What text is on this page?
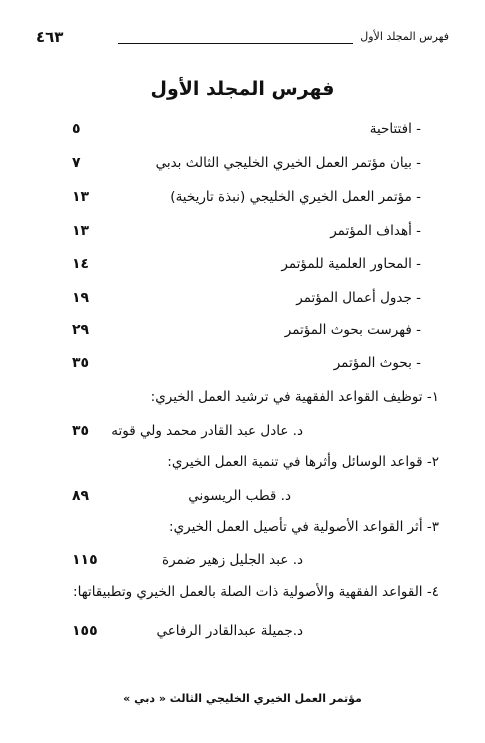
فهرس المجلد الأول
٤٦٣
فهرس المجلد الأول
- افتتاحية
٥
- بيان مؤتمر العمل الخيري الخليجي الثالث بدبي
٧
- مؤتمر العمل الخيري الخليجي (نبذة تاريخية)
١٣
- أهداف المؤتمر
١٣
- المحاور العلمية للمؤتمر
١٤
- جدول أعمال المؤتمر
١٩
- فهرست بحوث المؤتمر
٢٩
- بحوث المؤتمر
٣٥
١- توظيف القواعد الفقهية في ترشيد العمل الخيري:
د. عادل عبد القادر محمد ولي قوته
٣٥
٢- قواعد الوسائل وأثرها في تنمية العمل الخيري:
د. قطب الريسوني
٨٩
٣- أثر القواعد الأصولية في تأصيل العمل الخيري:
د. عبد الجليل زهير ضمرة
١١٥
٤- القواعد الفقهية والأصولية ذات الصلة بالعمل الخيري وتطبيقاتها:
د.جميلة عبدالقادر الرفاعي
١٥٥
مؤتمر العمل الخيري الخليجي الثالث « دبي »
